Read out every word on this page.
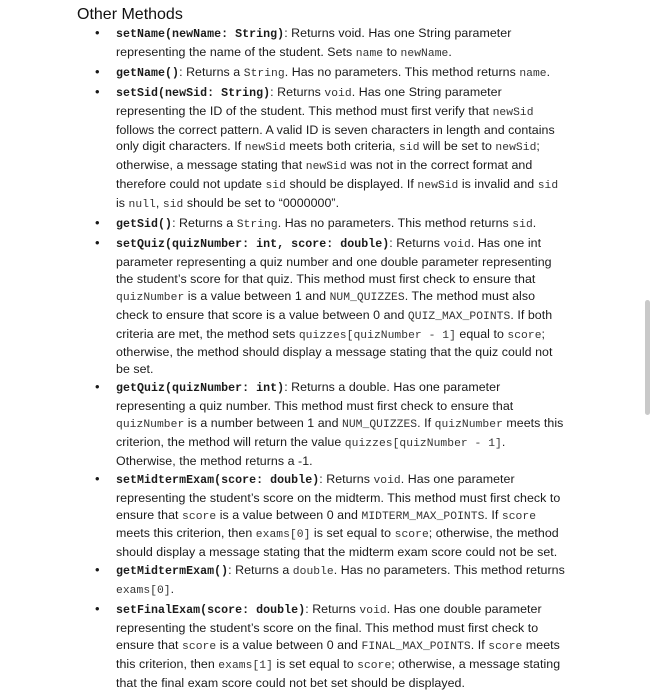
Other Methods
• setName(newName: String): Returns void. Has one String parameter representing the name of the student. Sets name to newName.
• getName(): Returns a String. Has no parameters. This method returns name.
• setSid(newSid: String): Returns void. Has one String parameter representing the ID of the student. This method must first verify that newSid follows the correct pattern. A valid ID is seven characters in length and contains only digit characters. If newSid meets both criteria, sid will be set to newSid; otherwise, a message stating that newSid was not in the correct format and therefore could not update sid should be displayed. If newSid is invalid and sid is null, sid should be set to “0000000”.
• getSid(): Returns a String. Has no parameters. This method returns sid.
• setQuiz(quizNumber: int, score: double): Returns void. Has one int parameter representing a quiz number and one double parameter representing the student’s score for that quiz. This method must first check to ensure that quizNumber is a value between 1 and NUM_QUIZZES. The method must also check to ensure that score is a value between 0 and QUIZ_MAX_POINTS. If both criteria are met, the method sets quizzes[quizNumber - 1] equal to score; otherwise, the method should display a message stating that the quiz could not be set.
• getQuiz(quizNumber: int): Returns a double. Has one parameter representing a quiz number. This method must first check to ensure that quizNumber is a number between 1 and NUM_QUIZZES. If quizNumber meets this criterion, the method will return the value quizzes[quizNumber - 1]. Otherwise, the method returns a -1.
• setMidtermExam(score: double): Returns void. Has one parameter representing the student’s score on the midterm. This method must first check to ensure that score is a value between 0 and MIDTERM_MAX_POINTS. If score meets this criterion, then exams[0] is set equal to score; otherwise, the method should display a message stating that the midterm exam score could not be set.
• getMidtermExam(): Returns a double. Has no parameters. This method returns exams[0].
• setFinalExam(score: double): Returns void. Has one double parameter representing the student’s score on the final. This method must first check to ensure that score is a value between 0 and FINAL_MAX_POINTS. If score meets this criterion, then exams[1] is set equal to score; otherwise, a message stating that the final exam score could not bet set should be displayed.
